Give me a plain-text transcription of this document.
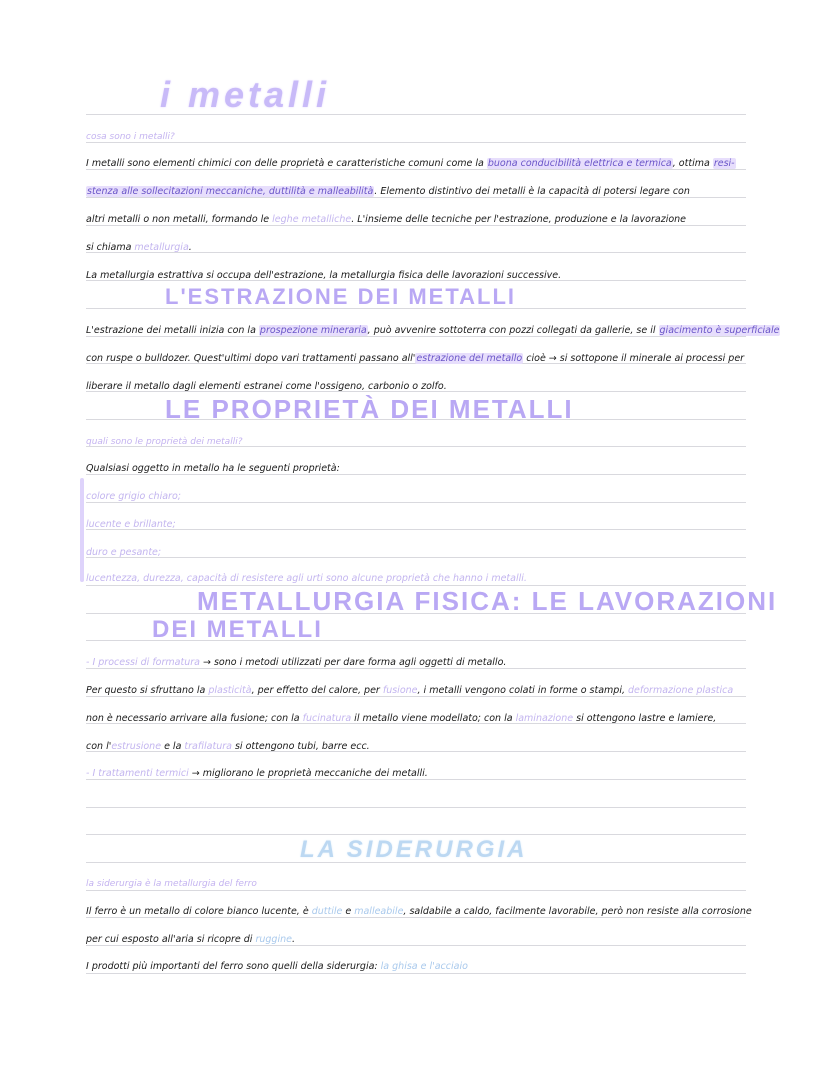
i metalli
cosa sono i metalli?
I metalli sono elementi chimici con delle proprietà e caratteristiche comuni come la buona conducibilità elettrica e termica, ottima resi-
stenza alle sollecitazioni meccaniche, duttilità e malleabilità. Elemento distintivo dei metalli è la capacità di potersi legare con
altri metalli o non metalli, formando le leghe metalliche. L'insieme delle tecniche per l'estrazione, produzione e la lavorazione
si chiama metallurgia.
La metallurgia estrattiva si occupa dell'estrazione, la metallurgia fisica delle lavorazioni successive.
L'ESTRAZIONE DEI METALLI
L'estrazione dei metalli inizia con la prospezione mineraria, può avvenire sottoterra con pozzi collegati da gallerie, se il giacimento è superficiale
con ruspe o bulldozer. Quest'ultimi dopo vari trattamenti passano all'estrazione del metallo cioè → si sottopone il minerale ai processi per
liberare il metallo dagli elementi estranei come l'ossigeno, carbonio o zolfo.
LE PROPRIETÀ DEI METALLI
quali sono le proprietà dei metalli?
Qualsiasi oggetto in metallo ha le seguenti proprietà:
colore grigio chiaro;
lucente e brillante;
duro e pesante;
lucentezza, durezza, capacità di resistere agli urti sono alcune proprietà che hanno i metalli.
METALLURGIA FISICA: LE LAVORAZIONI
DEI METALLI
- I processi di formatura → sono i metodi utilizzati per dare forma agli oggetti di metallo.
Per questo si sfruttano la plasticità, per effetto del calore, per fusione, i metalli vengono colati in forme o stampi, deformazione plastica
non è necessario arrivare alla fusione; con la fucinatura il metallo viene modellato; con la laminazione si ottengono lastre e lamiere,
con l'estrusione e la trafilatura si ottengono tubi, barre ecc.
- I trattamenti termici → migliorano le proprietà meccaniche dei metalli.
LA SIDERURGIA
la siderurgia è la metallurgia del ferro
Il ferro è un metallo di colore bianco lucente, è duttile e malleabile, saldabile a caldo, facilmente lavorabile, però non resiste alla corrosione
per cui esposto all'aria si ricopre di ruggine.
I prodotti più importanti del ferro sono quelli della siderurgia: la ghisa e l'acciaio
